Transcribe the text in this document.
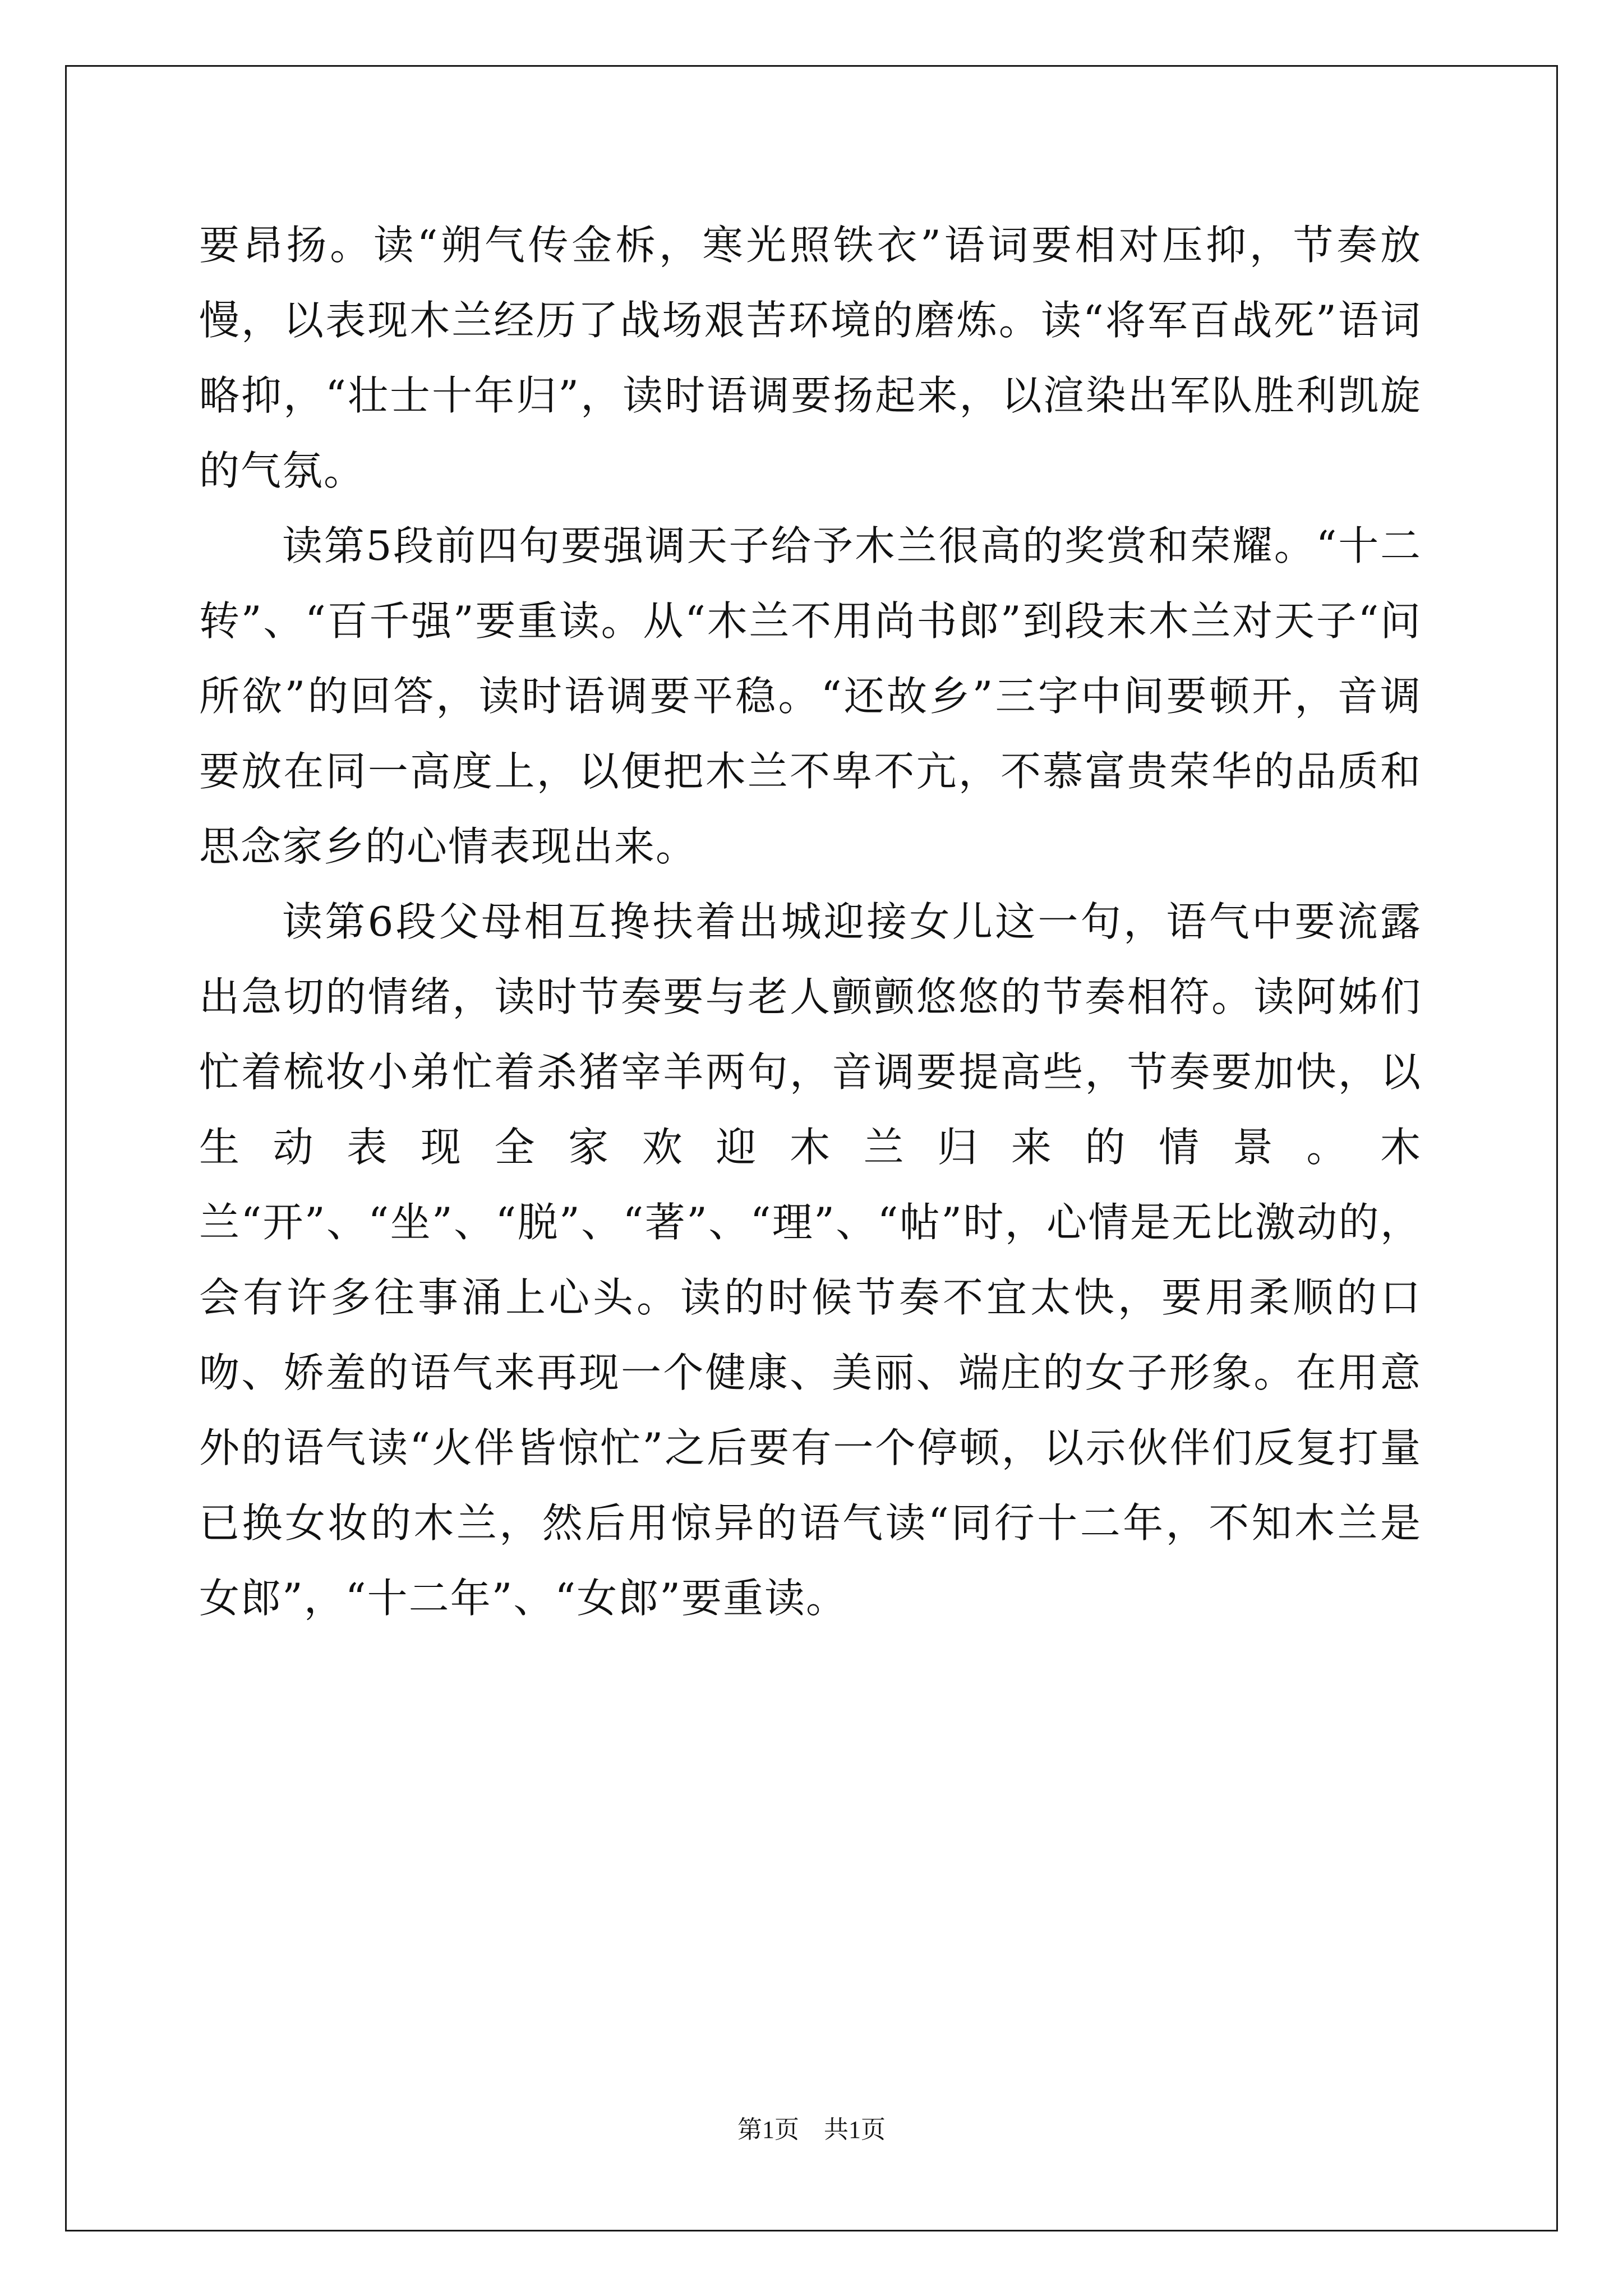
要昂扬。读“朔气传金柝，寒光照铁衣”语词要相对压抑，节奏放慢，以表现木兰经历了战场艰苦环境的磨炼。读“将军百战死”语词略抑，“壮士十年归”，读时语调要扬起来，以渲染出军队胜利凯旋的气氛。

读第5段前四句要强调天子给予木兰很高的奖赏和荣耀。“十二转”、“百千强”要重读。从“木兰不用尚书郎”到段末木兰对天子“问所欲”的回答，读时语调要平稳。“还故乡”三字中间要顿开，音调要放在同一高度上，以便把木兰不卑不亢，不慕富贵荣华的品质和思念家乡的心情表现出来。

读第6段父母相互搀扶着出城迎接女儿这一句，语气中要流露出急切的情绪，读时节奏要与老人颤颤悠悠的节奏相符。读阿姊们忙着梳妆小弟忙着杀猪宰羊两句，音调要提高些，节奏要加快，以生动表现全家欢迎木兰归来的情景。木兰“开”、“坐”、“脱”、“著”、“理”、“帖”时，心情是无比激动的，会有许多往事涌上心头。读的时候节奏不宜太快，要用柔顺的口吻、娇羞的语气来再现一个健康、美丽、端庄的女子形象。在用意外的语气读“火伴皆惊忙”之后要有一个停顿，以示伙伴们反复打量已换女妆的木兰，然后用惊异的语气读“同行十二年，不知木兰是女郎”，“十二年”、“女郎”要重读。

第1页　共1页
